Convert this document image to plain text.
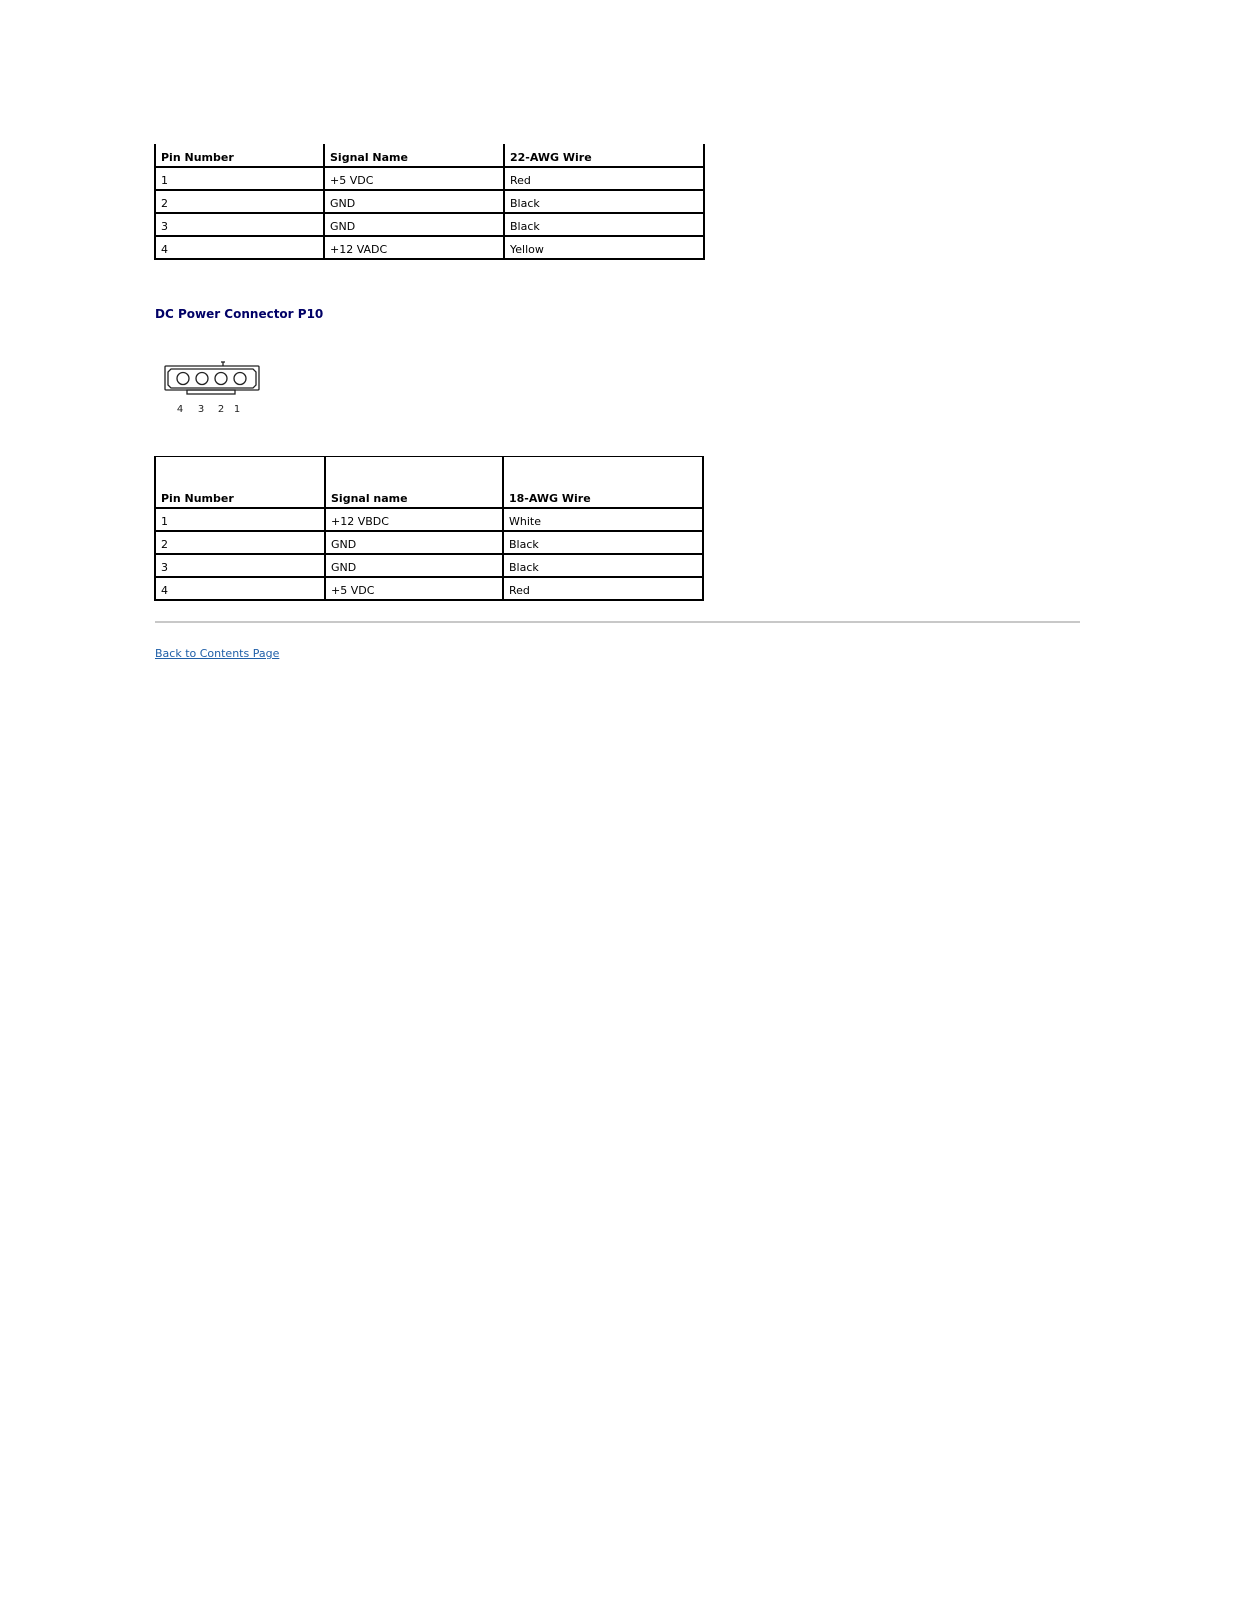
Pin Number	Signal Name	22-AWG Wire
1	+5 VDC	Red
2	GND	Black
3	GND	Black
4	+12 VADC	Yellow
DC Power Connector P10
4 3 2 1
Pin Number	Signal name	18-AWG Wire
1	+12 VBDC	White
2	GND	Black
3	GND	Black
4	+5 VDC	Red
Back to Contents Page
